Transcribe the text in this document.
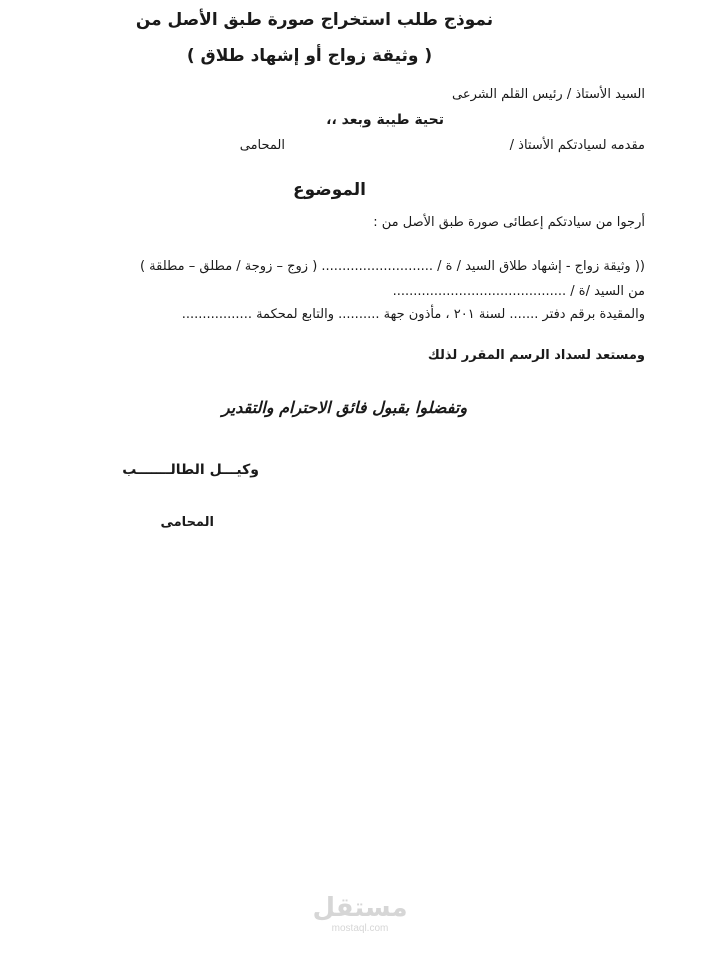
نموذج طلب استخراج صورة طبق الأصل من
( وثيقة زواج أو إشهاد طلاق )
السيد الأستاذ / رئيس القلم الشرعى
تحية طيبة وبعد ،،
مقدمه لسيادتكم الأستاذ /
المحامى
الموضوع
أرجوا من سيادتكم إعطائى صورة طبق الأصل من :
(( وثيقة زواج - إشهاد طلاق السيد / ة / ........................... ( زوج – زوجة / مطلق – مطلقة )
من السيد /ة / ..........................................
والمقيدة برقم دفتر ....... لسنة ٢٠١ ، مأذون جهة .......... والتابع لمحكمة .................
ومستعد لسداد الرسم المقرر لذلك
وتفضلوا بقبول فائق الاحترام والتقدير
وكيـــل الطالـــــــب
المحامى
مستقل
mostaql.com
